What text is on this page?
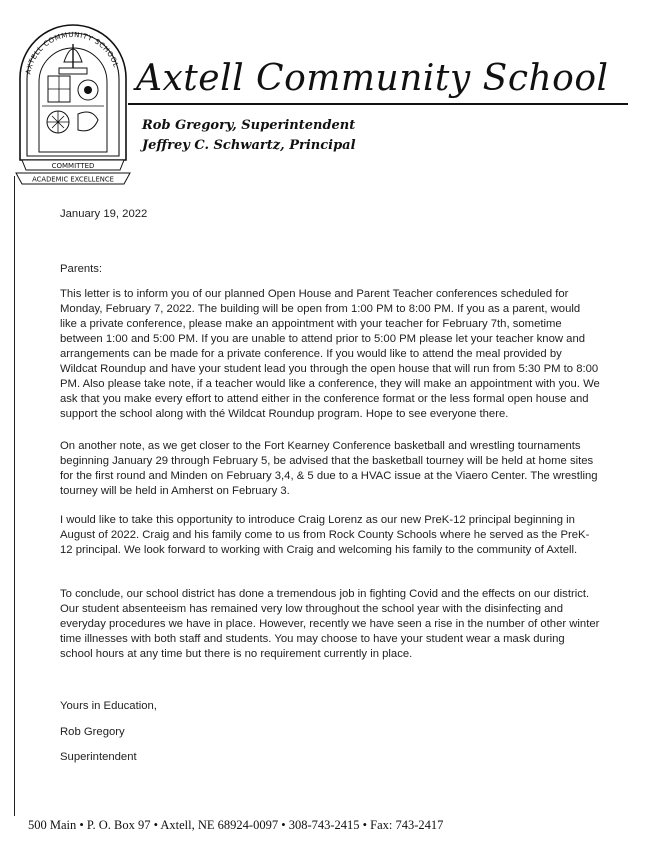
AXTELL COMMUNITY SCHOOL
COMMITTED
ACADEMIC EXCELLENCE
Axtell Community School
Rob Gregory, Superintendent
Jeffrey C. Schwartz, Principal
January 19, 2022
Parents:
This letter is to inform you of our planned Open House and Parent Teacher conferences scheduled for Monday, February 7, 2022. The building will be open from 1:00 PM to 8:00 PM. If you as a parent, would like a private conference, please make an appointment with your teacher for February 7th, sometime between 1:00 and 5:00 PM. If you are unable to attend prior to 5:00 PM please let your teacher know and arrangements can be made for a private conference. If you would like to attend the meal provided by Wildcat Roundup and have your student lead you through the open house that will run from 5:30 PM to 8:00 PM. Also please take note, if a teacher would like a conference, they will make an appointment with you. We ask that you make every effort to attend either in the conference format or the less formal open house and support the school along with thé Wildcat Roundup program. Hope to see everyone there.
On another note, as we get closer to the Fort Kearney Conference basketball and wrestling tournaments beginning January 29 through February 5, be advised that the basketball tourney will be held at home sites for the first round and Minden on February 3,4, & 5 due to a HVAC issue at the Viaero Center. The wrestling tourney will be held in Amherst on February 3.
I would like to take this opportunity to introduce Craig Lorenz as our new PreK-12 principal beginning in August of 2022. Craig and his family come to us from Rock County Schools where he served as the PreK-12 principal. We look forward to working with Craig and welcoming his family to the community of Axtell.
To conclude, our school district has done a tremendous job in fighting Covid and the effects on our district. Our student absenteeism has remained very low throughout the school year with the disinfecting and everyday procedures we have in place. However, recently we have seen a rise in the number of other winter time illnesses with both staff and students. You may choose to have your student wear a mask during school hours at any time but there is no requirement currently in place.
Yours in Education,
Rob Gregory
Superintendent
500 Main • P. O. Box 97 • Axtell, NE 68924-0097 • 308-743-2415 • Fax: 743-2417
